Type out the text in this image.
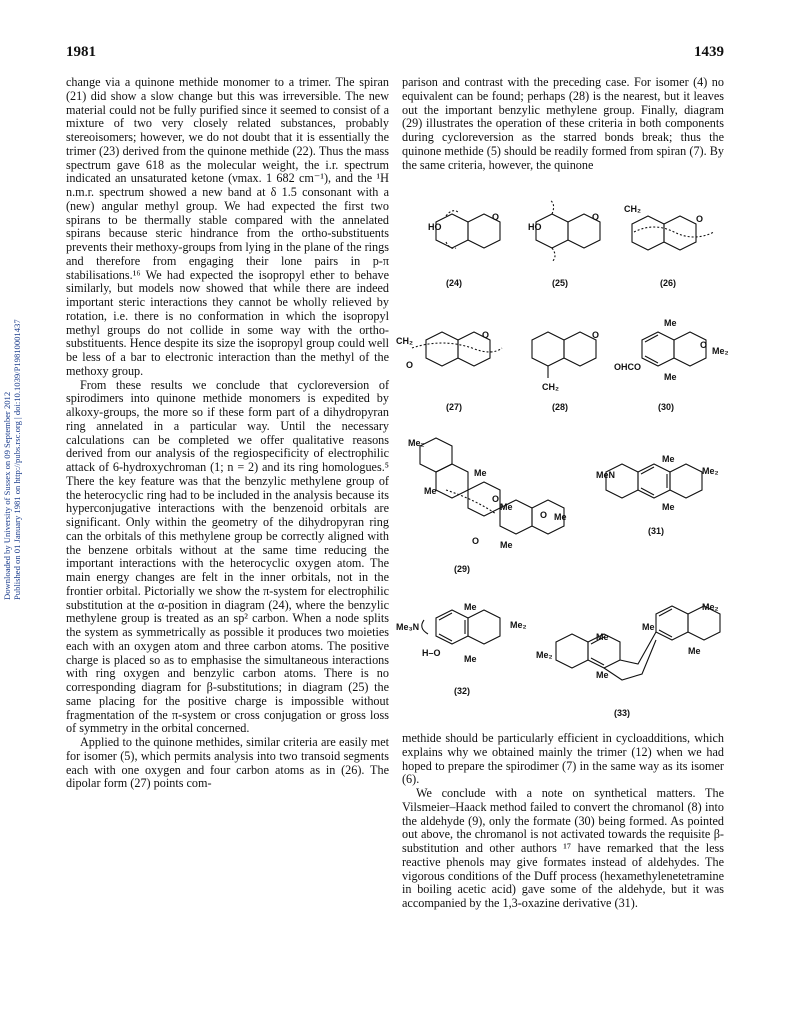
1981	1439
Downloaded by University of Sussex on 09 September 2012 Published on 01 January 1981 on http://pubs.rsc.org | doi:10.1039/P19810001437

change via a quinone methide monomer to a trimer. The spiran (21) did show a slow change but this was irreversible. The new material could not be fully purified since it seemed to consist of a mixture of two very closely related substances, probably stereoisomers; however, we do not doubt that it is essentially the trimer (23) derived from the quinone methide (22). Thus the mass spectrum gave 618 as the molecular weight, the i.r. spectrum indicated an unsaturated ketone (νmax. 1 682 cm⁻¹), and the ¹H n.m.r. spectrum showed a new band at δ 1.5 consonant with a (new) angular methyl group. We had expected the first two spirans to be thermally stable compared with the annelated spirans because steric hindrance from the ortho-substituents prevents their methoxy-groups from lying in the plane of the rings and therefore from engaging their lone pairs in p-π stabilisations.¹⁶ We had expected the isopropyl ether to behave similarly, but models now showed that while there are indeed important steric interactions they cannot be wholly relieved by rotation, i.e. there is no conformation in which the isopropyl methyl groups do not collide in some way with the ortho-substituents. Hence despite its size the isopropyl group could well be less of a bar to electronic interaction than the methyl of the methoxy group.

From these results we conclude that cycloreversion of spirodimers into quinone methide monomers is expedited by alkoxy-groups, the more so if these form part of a dihydropyran ring annelated in a particular way. Until the necessary calculations can be completed we offer qualitative reasons derived from our analysis of the regiospecificity of electrophilic attack of 6-hydroxychroman (1; n = 2) and its ring homologues.⁵ There the key feature was that the benzylic methylene group of the heterocyclic ring had to be included in the analysis because its hyperconjugative interactions with the benzenoid orbitals are significant. Only within the geometry of the dihydropyran ring can the orbitals of this methylene group be correctly aligned with the benzene orbitals without at the same time reducing the important interactions with the heterocyclic oxygen atom. The main energy changes are felt in the inner orbitals, not in the frontier orbital. Pictorially we show the π-system for electrophilic substitution at the α-position in diagram (24), where the benzylic methylene group is treated as an sp² carbon. When a node splits the system as symmetrically as possible it produces two moieties each with an oxygen atom and three carbon atoms. The positive charge is placed so as to emphasise the simultaneous interactions with ring oxygen and benzylic carbon atoms. There is no corresponding diagram for β-substitutions; in diagram (25) the same placing for the positive charge is impossible without fragmentation of the π-system or cross conjugation or gross loss of symmetry in the orbital concerned.

Applied to the quinone methides, similar criteria are easily met for isomer (5), which permits analysis into two transoid segments each with one oxygen and four carbon atoms as in (26). The dipolar form (27) points com-

parison and contrast with the preceding case. For isomer (4) no equivalent can be found; perhaps (28) is the nearest, but it leaves out the important benzylic methylene group. Finally, diagram (29) illustrates the operation of these criteria in both components during cycloreversion as the starred bonds break; thus the quinone methide (5) should be readily formed from spiran (7). By the same criteria, however, the quinone

methide should be particularly efficient in cycloadditions, which explains why we obtained mainly the trimer (12) when we had hoped to prepare the spirodimer (7) in the same way as its isomer (6).

We conclude with a note on synthetical matters. The Vilsmeier–Haack method failed to convert the chromanol (8) into the aldehyde (9), only the formate (30) being formed. As pointed out above, the chromanol is not activated towards the requisite β-substitution and other authors ¹⁷ have remarked that the less reactive phenols may give formates instead of aldehydes. The vigorous conditions of the Duff process (hexamethylenetetramine in boiling acetic acid) gave some of the aldehyde, but it was accompanied by the 1,3-oxazine derivative (31).

HO
O
HO
O
CH₂
O
CH₂
O
O
O
CH₂
Me
O
Me₂
OHCO
Me
Me₂
Me
Me
O
Me
O Me
O Me
Me
MeN	Me₂
Me
Me
Me₃N	Me₂
H–O
Me
Me₂
Me
Me
Me₂	Me
Me
(24)	(25)	(26)
(27)	(28)	(30)
(31)
(29)
(32)
(33)
